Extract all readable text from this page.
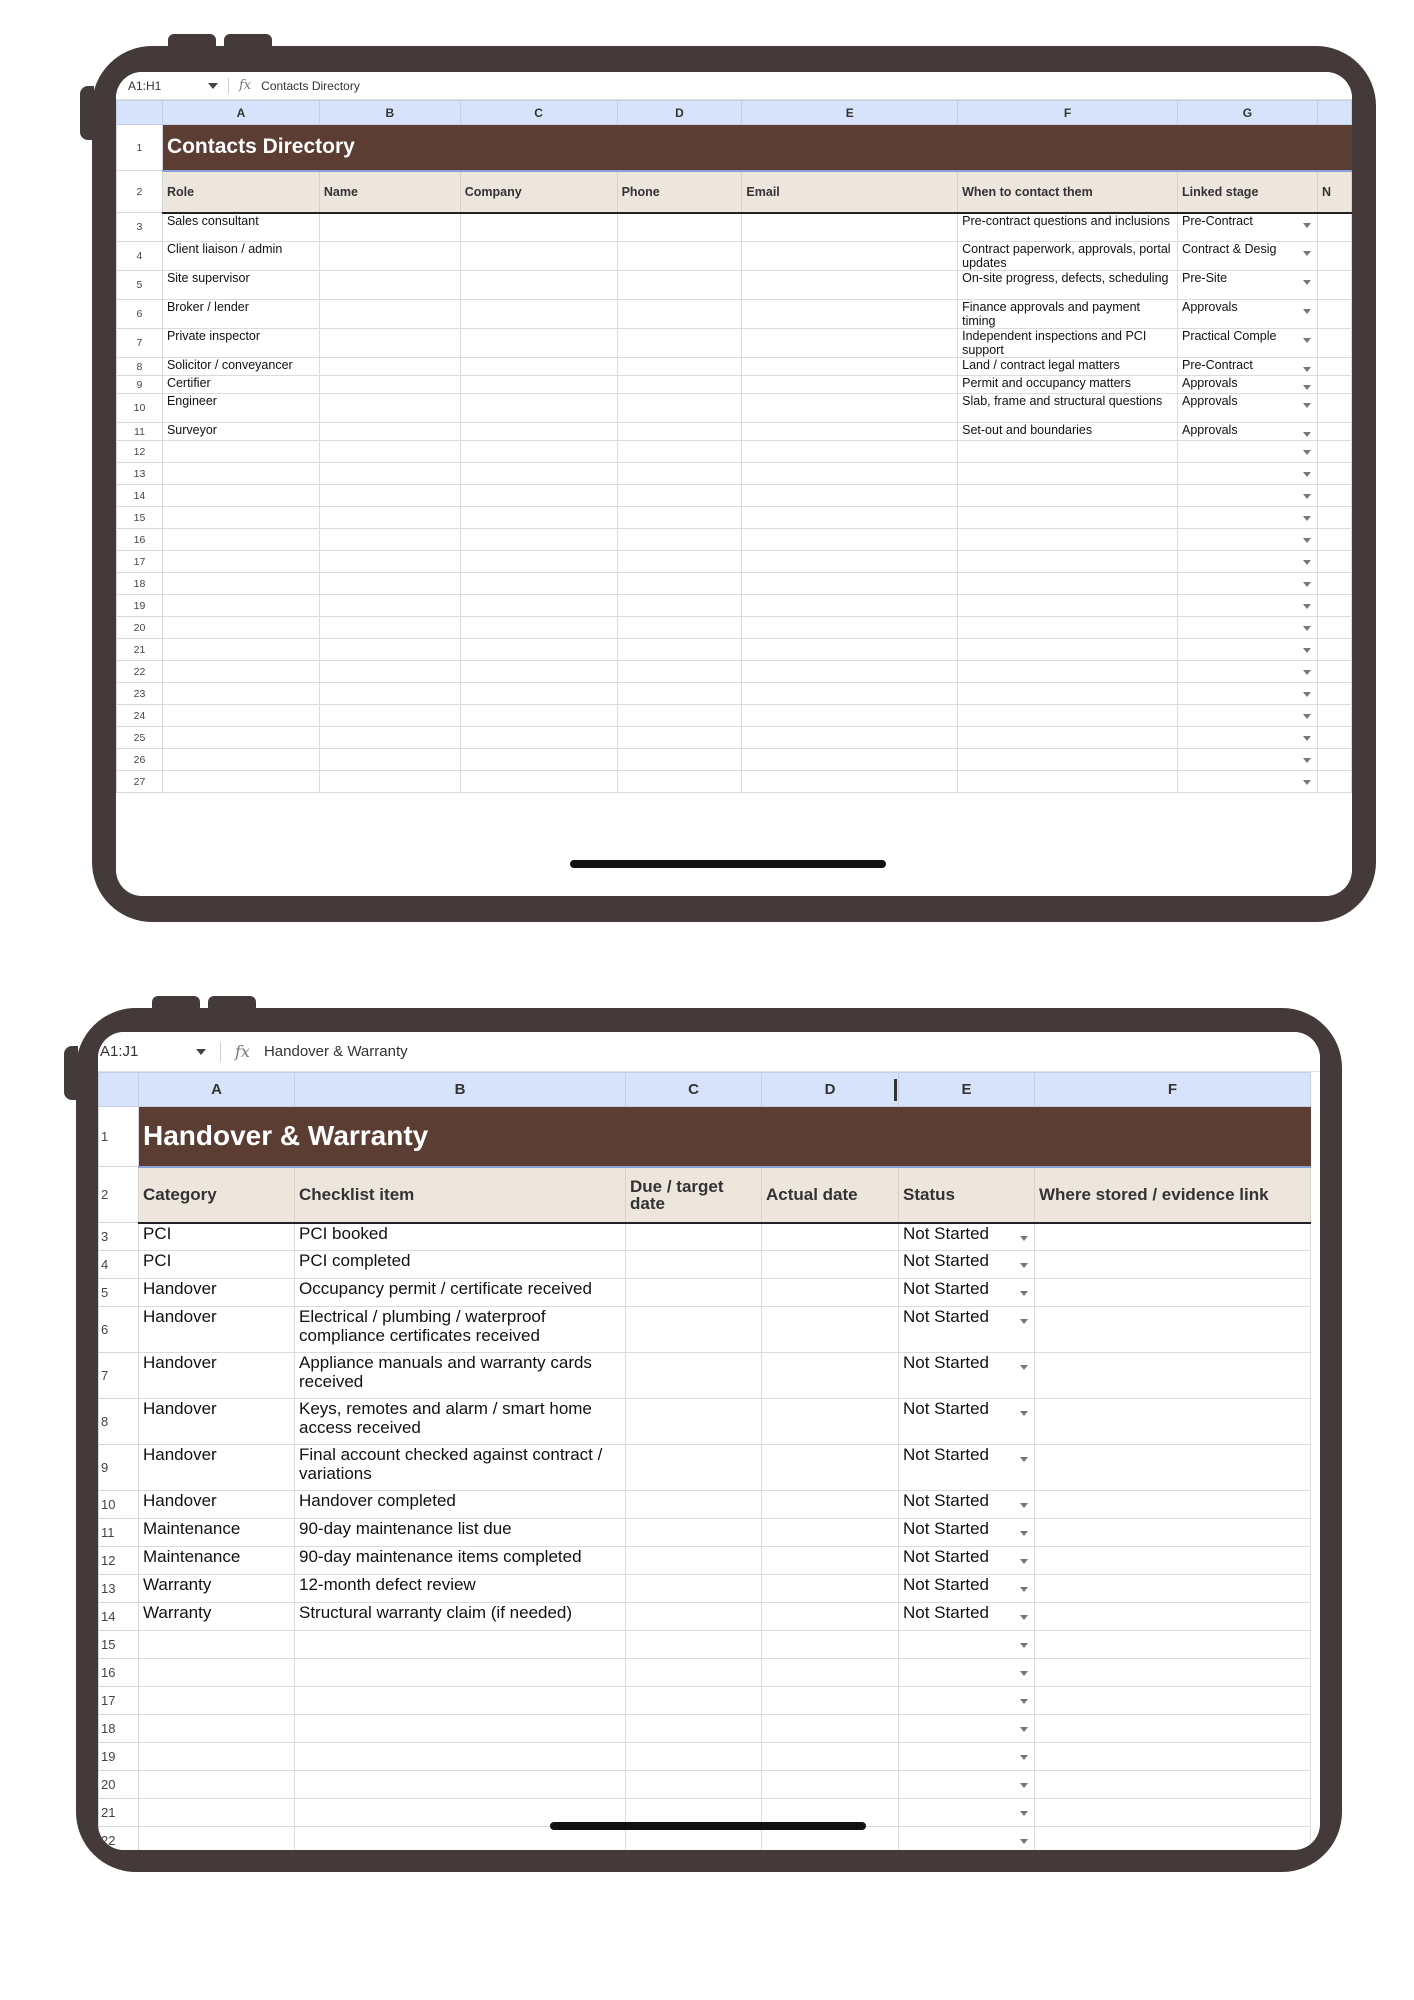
A1:H1	fx Contacts Directory
	A	B	C	D	E	F	G	
1	Contacts Directory							
2	Role	Name	Company	Phone	Email	When to contact them	Linked stage	N
3	Sales consultant					Pre-contract questions and inclusions	Pre-Contract	

4	Client liaison / admin					Contract paperwork, approvals, portal updates	Contract & Desig	

5	Site supervisor					On-site progress, defects, scheduling	Pre-Site	

6	Broker / lender					Finance approvals and payment timing	Approvals	

7	Private inspector					Independent inspections and PCI support	Practical Comple	

8	Solicitor / conveyancer					Land / contract legal matters	Pre-Contract	

9	Certifier					Permit and occupancy matters	Approvals	

10	Engineer					Slab, frame and structural questions	Approvals	

11	Surveyor					Set-out and boundaries	Approvals	

12							

13							

14							

15							

16							

17							

18							

19							

20							

21							

22							

23							

24							

25							

26							

27							

A1:J1	fx Handover & Warranty
	A	B	C	D	E	F
1	Handover & Warranty					
2	Category	Checklist item	Due / target date	Actual date	Status	Where stored / evidence link
3	PCI	PCI booked			Not Started	

4	PCI	PCI completed			Not Started	

5	Handover	Occupancy permit / certificate received			Not Started	

6	Handover	Electrical / plumbing / waterproof compliance certificates received			Not Started	

7	Handover	Appliance manuals and warranty cards received			Not Started	

8	Handover	Keys, remotes and alarm / smart home access received			Not Started	

9	Handover	Final account checked against contract / variations			Not Started	

10	Handover	Handover completed			Not Started	

11	Maintenance	90-day maintenance list due			Not Started	

12	Maintenance	90-day maintenance items completed			Not Started	

13	Warranty	12-month defect review			Not Started	

14	Warranty	Structural warranty claim (if needed)			Not Started	

15					

16					

17					

18					

19					

20					

21					

22					
